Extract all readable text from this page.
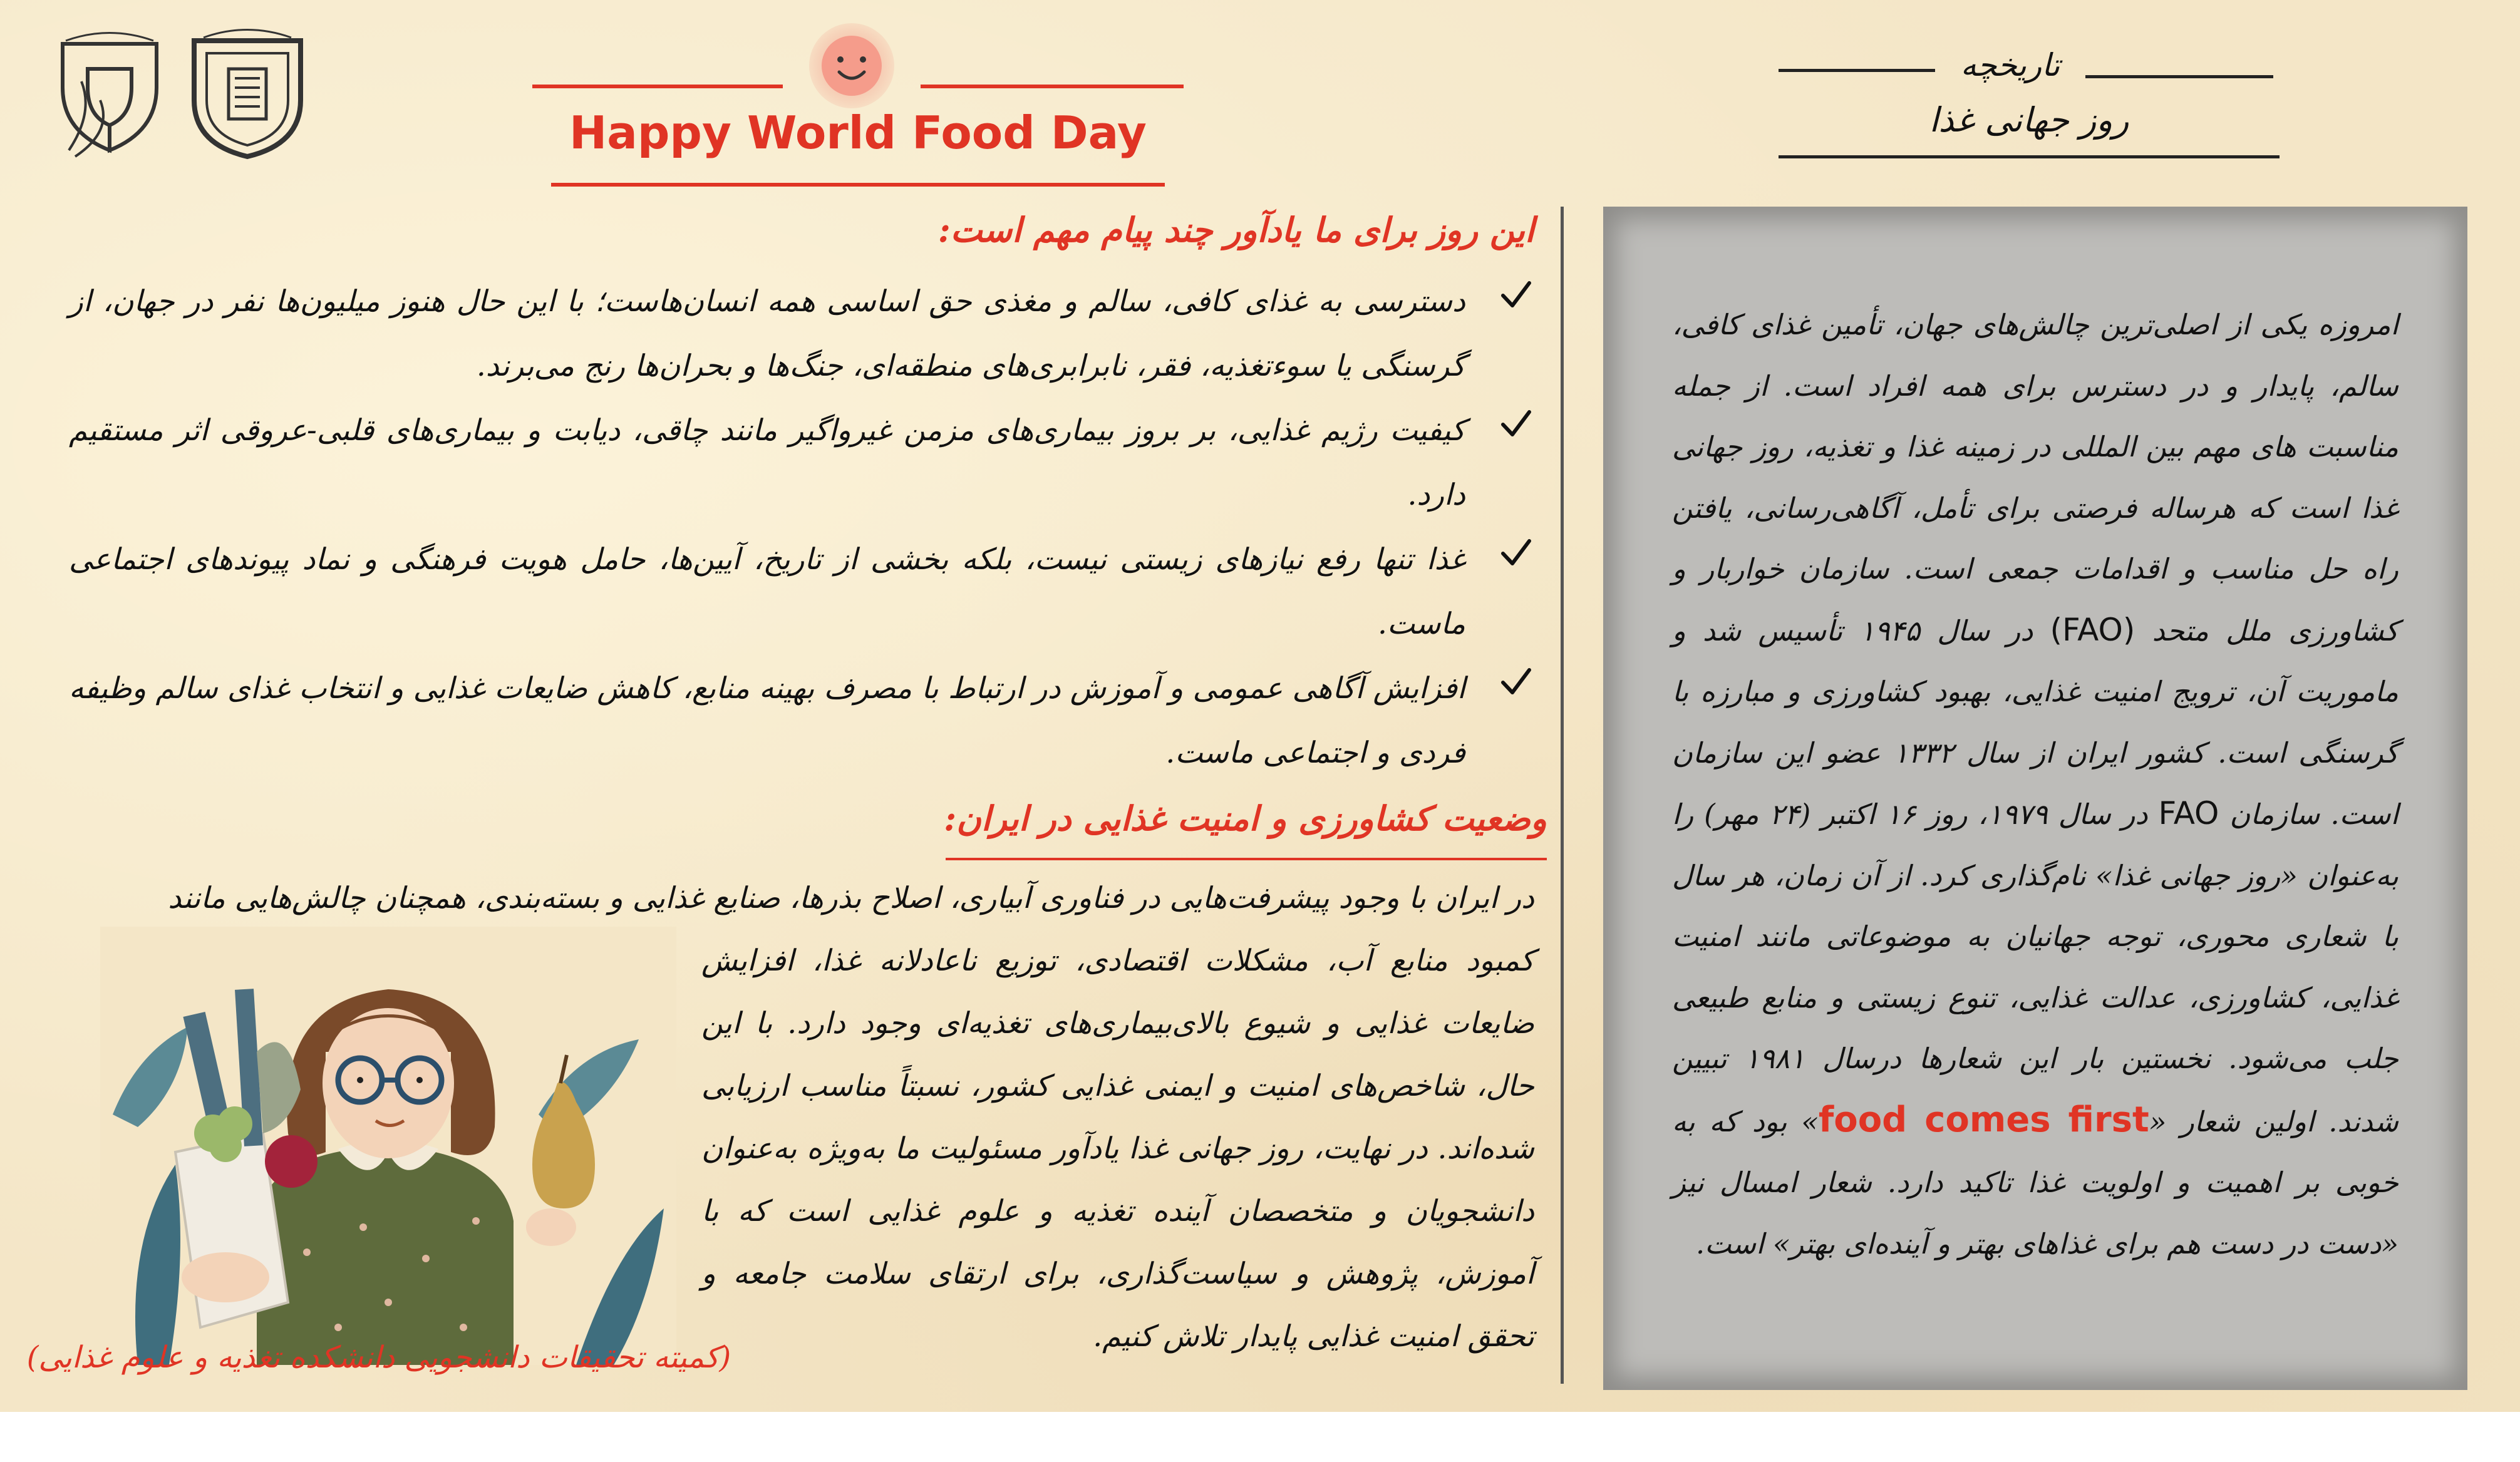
Happy World Food Day
تاریخچه
روز جهانی غذا
این روز برای ما یادآور چند پیام مهم است:
دسترسی به غذای کافی، سالم و مغذی حق اساسی همه انسان‌هاست؛ با این حال هنوز میلیون‌ها نفر در جهان، از گرسنگی یا سوء‌تغذیه، فقر، نابرابری‌های منطقه‌ای، جنگ‌ها و بحران‌ها رنج می‌برند.
کیفیت رژیم غذایی، بر بروز بیماری‌های مزمن غیرواگیر مانند چاقی، دیابت و بیماری‌های قلبی-عروقی اثر مستقیم دارد.
غذا تنها رفع نیازهای زیستی نیست، بلکه بخشی از تاریخ، آیین‌ها، حامل هویت فرهنگی و نماد پیوندهای اجتماعی ماست.
افزایش آگاهی عمومی و آموزش در ارتباط با مصرف بهینه منابع، کاهش ضایعات غذایی و انتخاب غذای سالم وظیفه فردی و اجتماعی ماست.
وضعیت کشاورزی و امنیت غذایی در ایران:
در ایران با وجود پیشرفت‌هایی در فناوری آبیاری، اصلاح بذرها، صنایع غذایی و بسته‌بندی، همچنان چالش‌هایی مانند
کمبود منابع آب، مشکلات اقتصادی، توزیع ناعادلانه غذا، افزایش ضایعات غذایی و شیوع بالای‌بیماری‌های تغذیه‌ای وجود دارد. با این حال، شاخص‌های امنیت و ایمنی غذایی کشور، نسبتاً مناسب ارزیابی شده‌اند. در نهایت، روز جهانی غذا یادآور مسئولیت ما به‌ویژه به‌عنوان دانشجویان و متخصصان آینده تغذیه و علوم غذایی است که با آموزش، پژوهش و سیاست‌گذاری، برای ارتقای سلامت جامعه و تحقق امنیت غذایی پایدار تلاش کنیم.
(کمیته تحقیقات دانشجویی دانشکده تغذیه و علوم غذایی)
امروزه یکی از اصلی‌ترین چالش‌های جهان، تأمین غذای کافی، سالم، پایدار و در دسترس برای همه افراد است. از جمله مناسبت های مهم بین المللی در زمینه غذا و تغذیه، روز جهانی غذا است که هرساله فرصتی برای تأمل، آگاهی‌رسانی، یافتن راه حل مناسب و اقدامات جمعی است. سازمان خواربار و کشاورزی ملل متحد (FAO) در سال ۱۹۴۵ تأسیس شد و ماموریت آن، ترویج امنیت غذایی، بهبود کشاورزی و مبارزه با گرسنگی است. کشور ایران از سال ۱۳۳۲ عضو این سازمان است. سازمان FAO در سال ۱۹۷۹، روز ۱۶ اکتبر (۲۴ مهر) را به‌عنوان «روز جهانی غذا» نام‌گذاری کرد. از آن زمان، هر سال با شعاری محوری، توجه جهانیان به موضوعاتی مانند امنیت غذایی، کشاورزی، عدالت غذایی، تنوع زیستی و منابع طبیعی جلب می‌شود. نخستین بار این شعارها درسال ۱۹۸۱ تبیین شدند. اولین شعار «food comes first» بود که به خوبی بر اهمیت و اولویت غذا تاکید دارد. شعار امسال نیز «دست در دست هم برای غذاهای بهتر و آینده‌ای بهتر» است.
